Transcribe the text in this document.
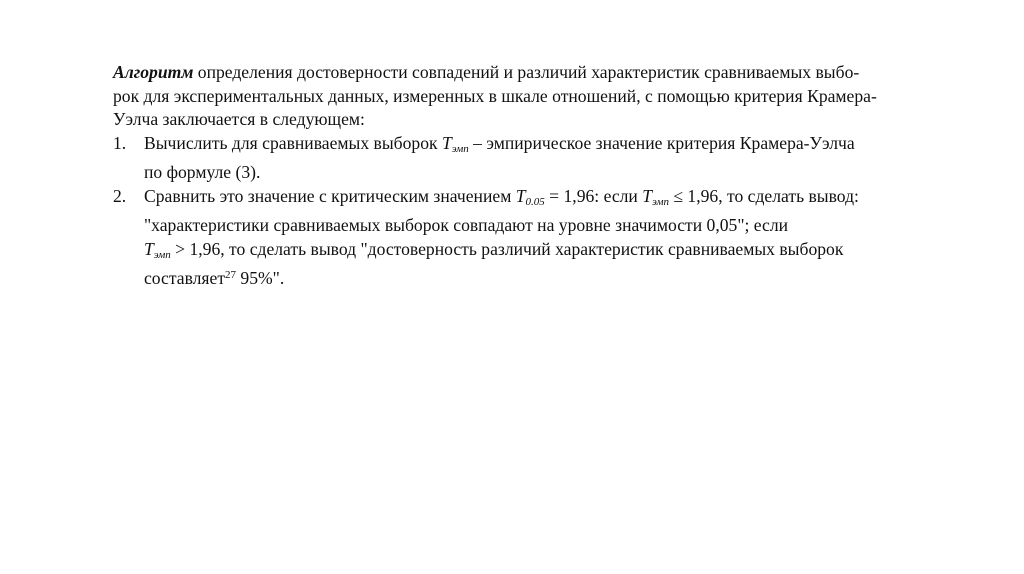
Алгоритм определения достоверности совпадений и различий характеристик сравниваемых выбо-
рок для экспериментальных данных, измеренных в шкале отношений, с помощью критерия Крамера-
Уэлча заключается в следующем:

1. Вычислить для сравниваемых выборок $T_{эмп}$ – эмпирическое значение критерия Крамера-Уэлча
по формуле (3).
2. Сравнить это значение с критическим значением $T_{0.05} = 1,96$: если $T_{эмп} \le 1,96$, то сделать вывод:
"характеристики сравниваемых выборок совпадают на уровне значимости 0,05"; если
$T_{эмп} > 1,96$, то сделать вывод "достоверность различий характеристик сравниваемых выборок
составляет$^{27}$ 95%".
